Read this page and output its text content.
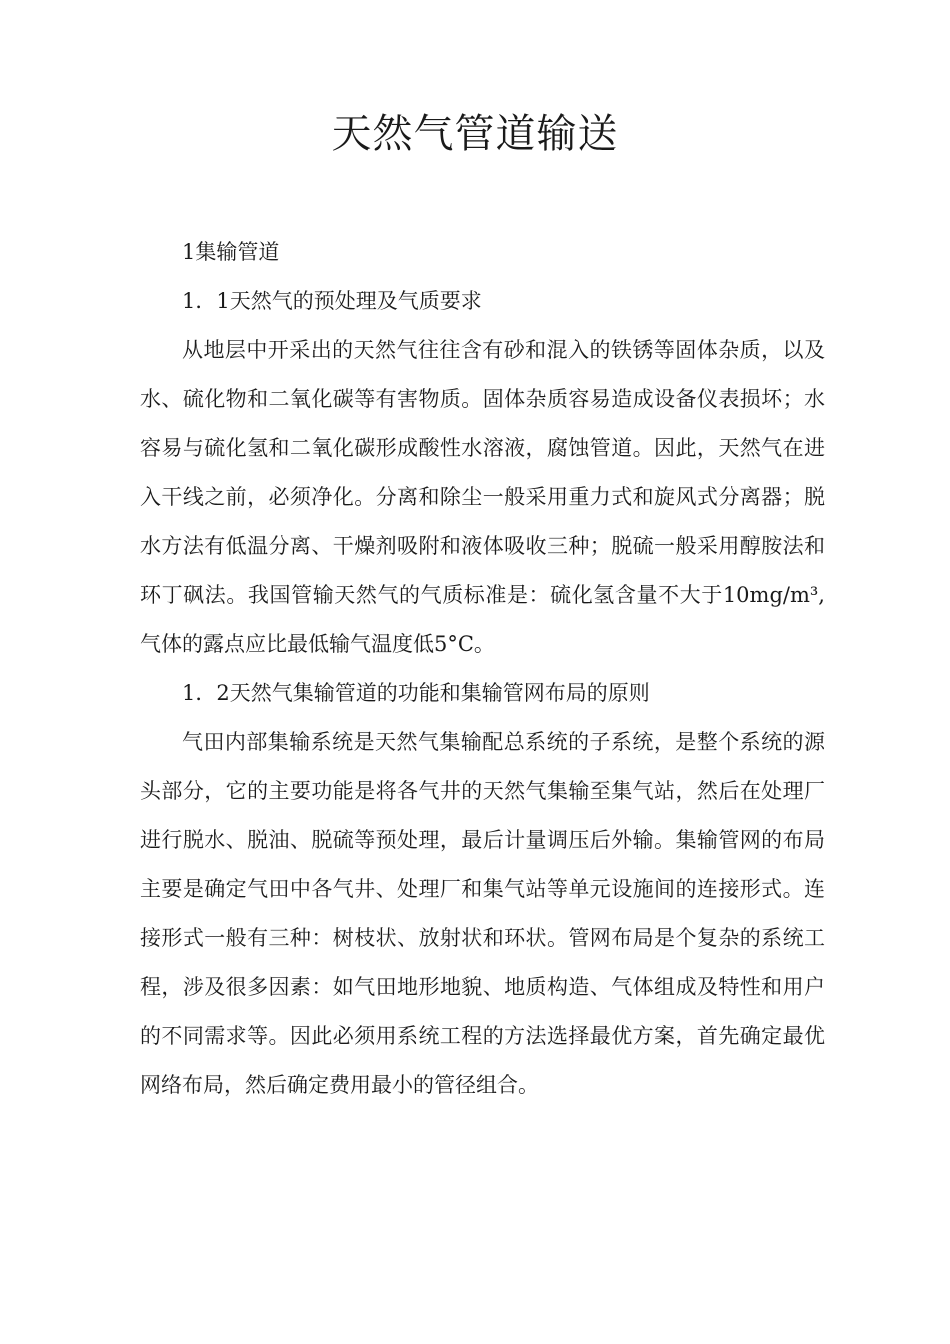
天然气管道输送

1集输管道

1．1天然气的预处理及气质要求

从地层中开采出的天然气往往含有砂和混入的铁锈等固体杂质，以及水、硫化物和二氧化碳等有害物质。固体杂质容易造成设备仪表损坏；水容易与硫化氢和二氧化碳形成酸性水溶液，腐蚀管道。因此，天然气在进入干线之前，必须净化。分离和除尘一般采用重力式和旋风式分离器；脱水方法有低温分离、干燥剂吸附和液体吸收三种；脱硫一般采用醇胺法和环丁砜法。我国管输天然气的气质标准是：硫化氢含量不大于10mg/m³,气体的露点应比最低输气温度低5°C。

1．2天然气集输管道的功能和集输管网布局的原则

气田内部集输系统是天然气集输配总系统的子系统，是整个系统的源头部分，它的主要功能是将各气井的天然气集输至集气站，然后在处理厂进行脱水、脱油、脱硫等预处理，最后计量调压后外输。集输管网的布局主要是确定气田中各气井、处理厂和集气站等单元设施间的连接形式。连接形式一般有三种：树枝状、放射状和环状。管网布局是个复杂的系统工程，涉及很多因素：如气田地形地貌、地质构造、气体组成及特性和用户的不同需求等。因此必须用系统工程的方法选择最优方案，首先确定最优网络布局，然后确定费用最小的管径组合。
